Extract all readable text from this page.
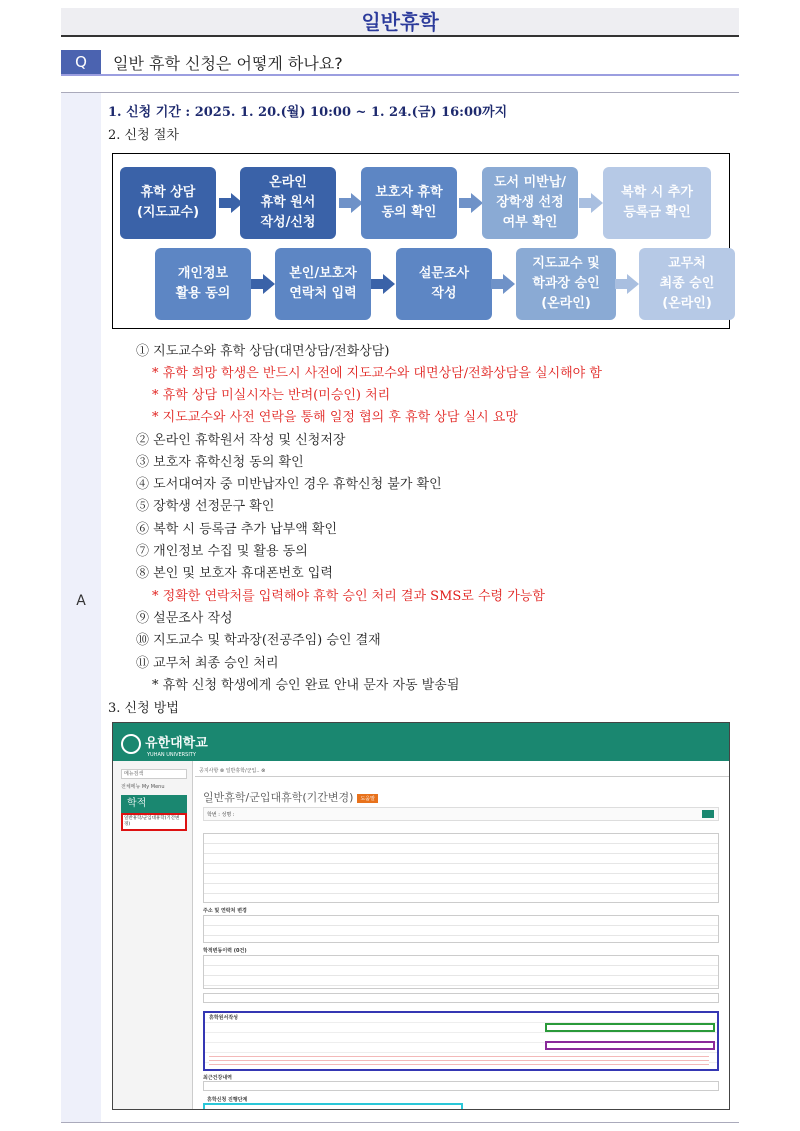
일반휴학
Q	일반 휴학 신청은 어떻게 하나요?
A
1. 신청 기간 : 2025. 1. 20.(월) 10:00 ~ 1. 24.(금) 16:00까지
2. 신청 절차
휴학 상담
(지도교수)
온라인
휴학 원서
작성/신청
보호자 휴학
동의 확인
도서 미반납/
장학생 선정
여부 확인
복학 시 추가
등록금 확인
개인정보
활용 동의
본인/보호자
연락처 입력
설문조사
작성
지도교수 및
학과장 승인
(온라인)
교무처
최종 승인
(온라인)
① 지도교수와 휴학 상담(대면상담/전화상담)
* 휴학 희망 학생은 반드시 사전에 지도교수와 대면상담/전화상담을 실시해야 함
* 휴학 상담 미실시자는 반려(미승인) 처리
* 지도교수와 사전 연락을 통해 일정 협의 후 휴학 상담 실시 요망
② 온라인 휴학원서 작성 및 신청저장
③ 보호자 휴학신청 동의 확인
④ 도서대여자 중 미반납자인 경우 휴학신청 불가 확인
⑤ 장학생 선정문구 확인
⑥ 복학 시 등록금 추가 납부액 확인
⑦ 개인정보 수집 및 활용 동의
⑧ 본인 및 보호자 휴대폰번호 입력
* 정확한 연락처를 입력해야 휴학 승인 처리 결과 SMS로 수령 가능함
⑨ 설문조사 작성
⑩ 지도교수 및 학과장(전공주임) 승인 결재
⑪ 교무처 최종 승인 처리
* 휴학 신청 학생에게 승인 완료 안내 문자 자동 발송됨
3. 신청 방법
유한대학교
YUHAN UNIVERSITY
메뉴검색
전체메뉴 My Menu
학적
일반휴학/군입대휴학(기간변경)
공지사항 ⊗ 일반휴학/군입.. ⊗
일반휴학/군입대휴학(기간변경) 도움말
학번 : 성명 :
주소 및 연락처 변경
학적변동이력 (0건)
휴학원서작성
최근건강내역
휴학신청 진행단계
